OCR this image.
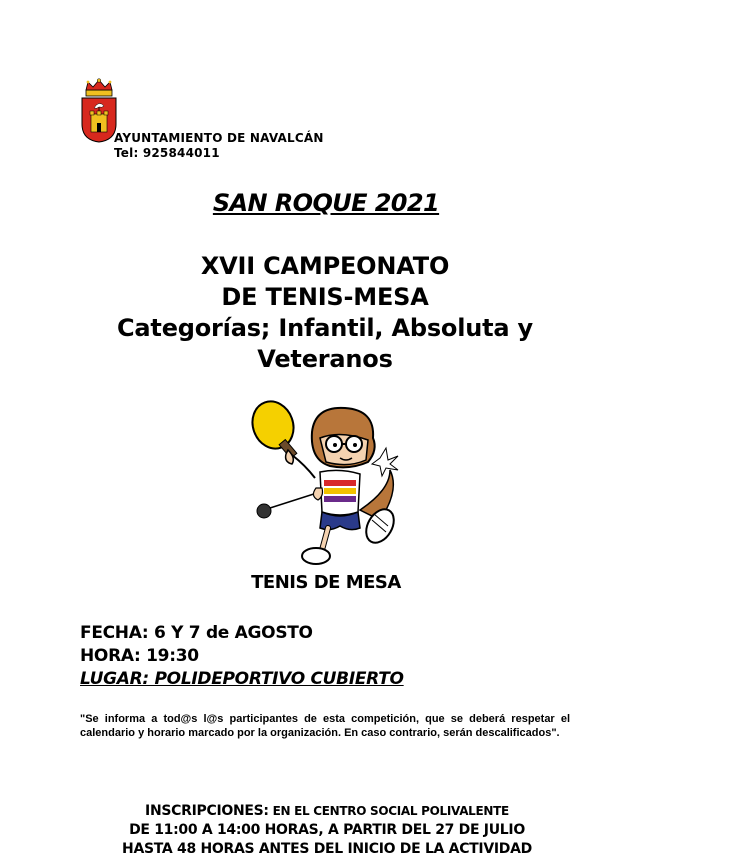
AYUNTAMIENTO DE NAVALCÁN
Tel: 925844011
SAN ROQUE 2021
XVII CAMPEONATO
DE TENIS-MESA
Categorías; Infantil, Absoluta y
Veteranos
TENIS DE MESA
FECHA: 6 Y 7 de AGOSTO
HORA: 19:30
LUGAR: POLIDEPORTIVO CUBIERTO
"Se informa a tod@s l@s participantes de esta competición, que se deberá respetar el calendario y horario marcado por la organización. En caso contrario, serán descalificados".
INSCRIPCIONES: EN EL CENTRO SOCIAL POLIVALENTE
DE 11:00 A 14:00 HORAS, A PARTIR DEL 27 DE JULIO
HASTA 48 HORAS ANTES DEL INICIO DE LA ACTIVIDAD
